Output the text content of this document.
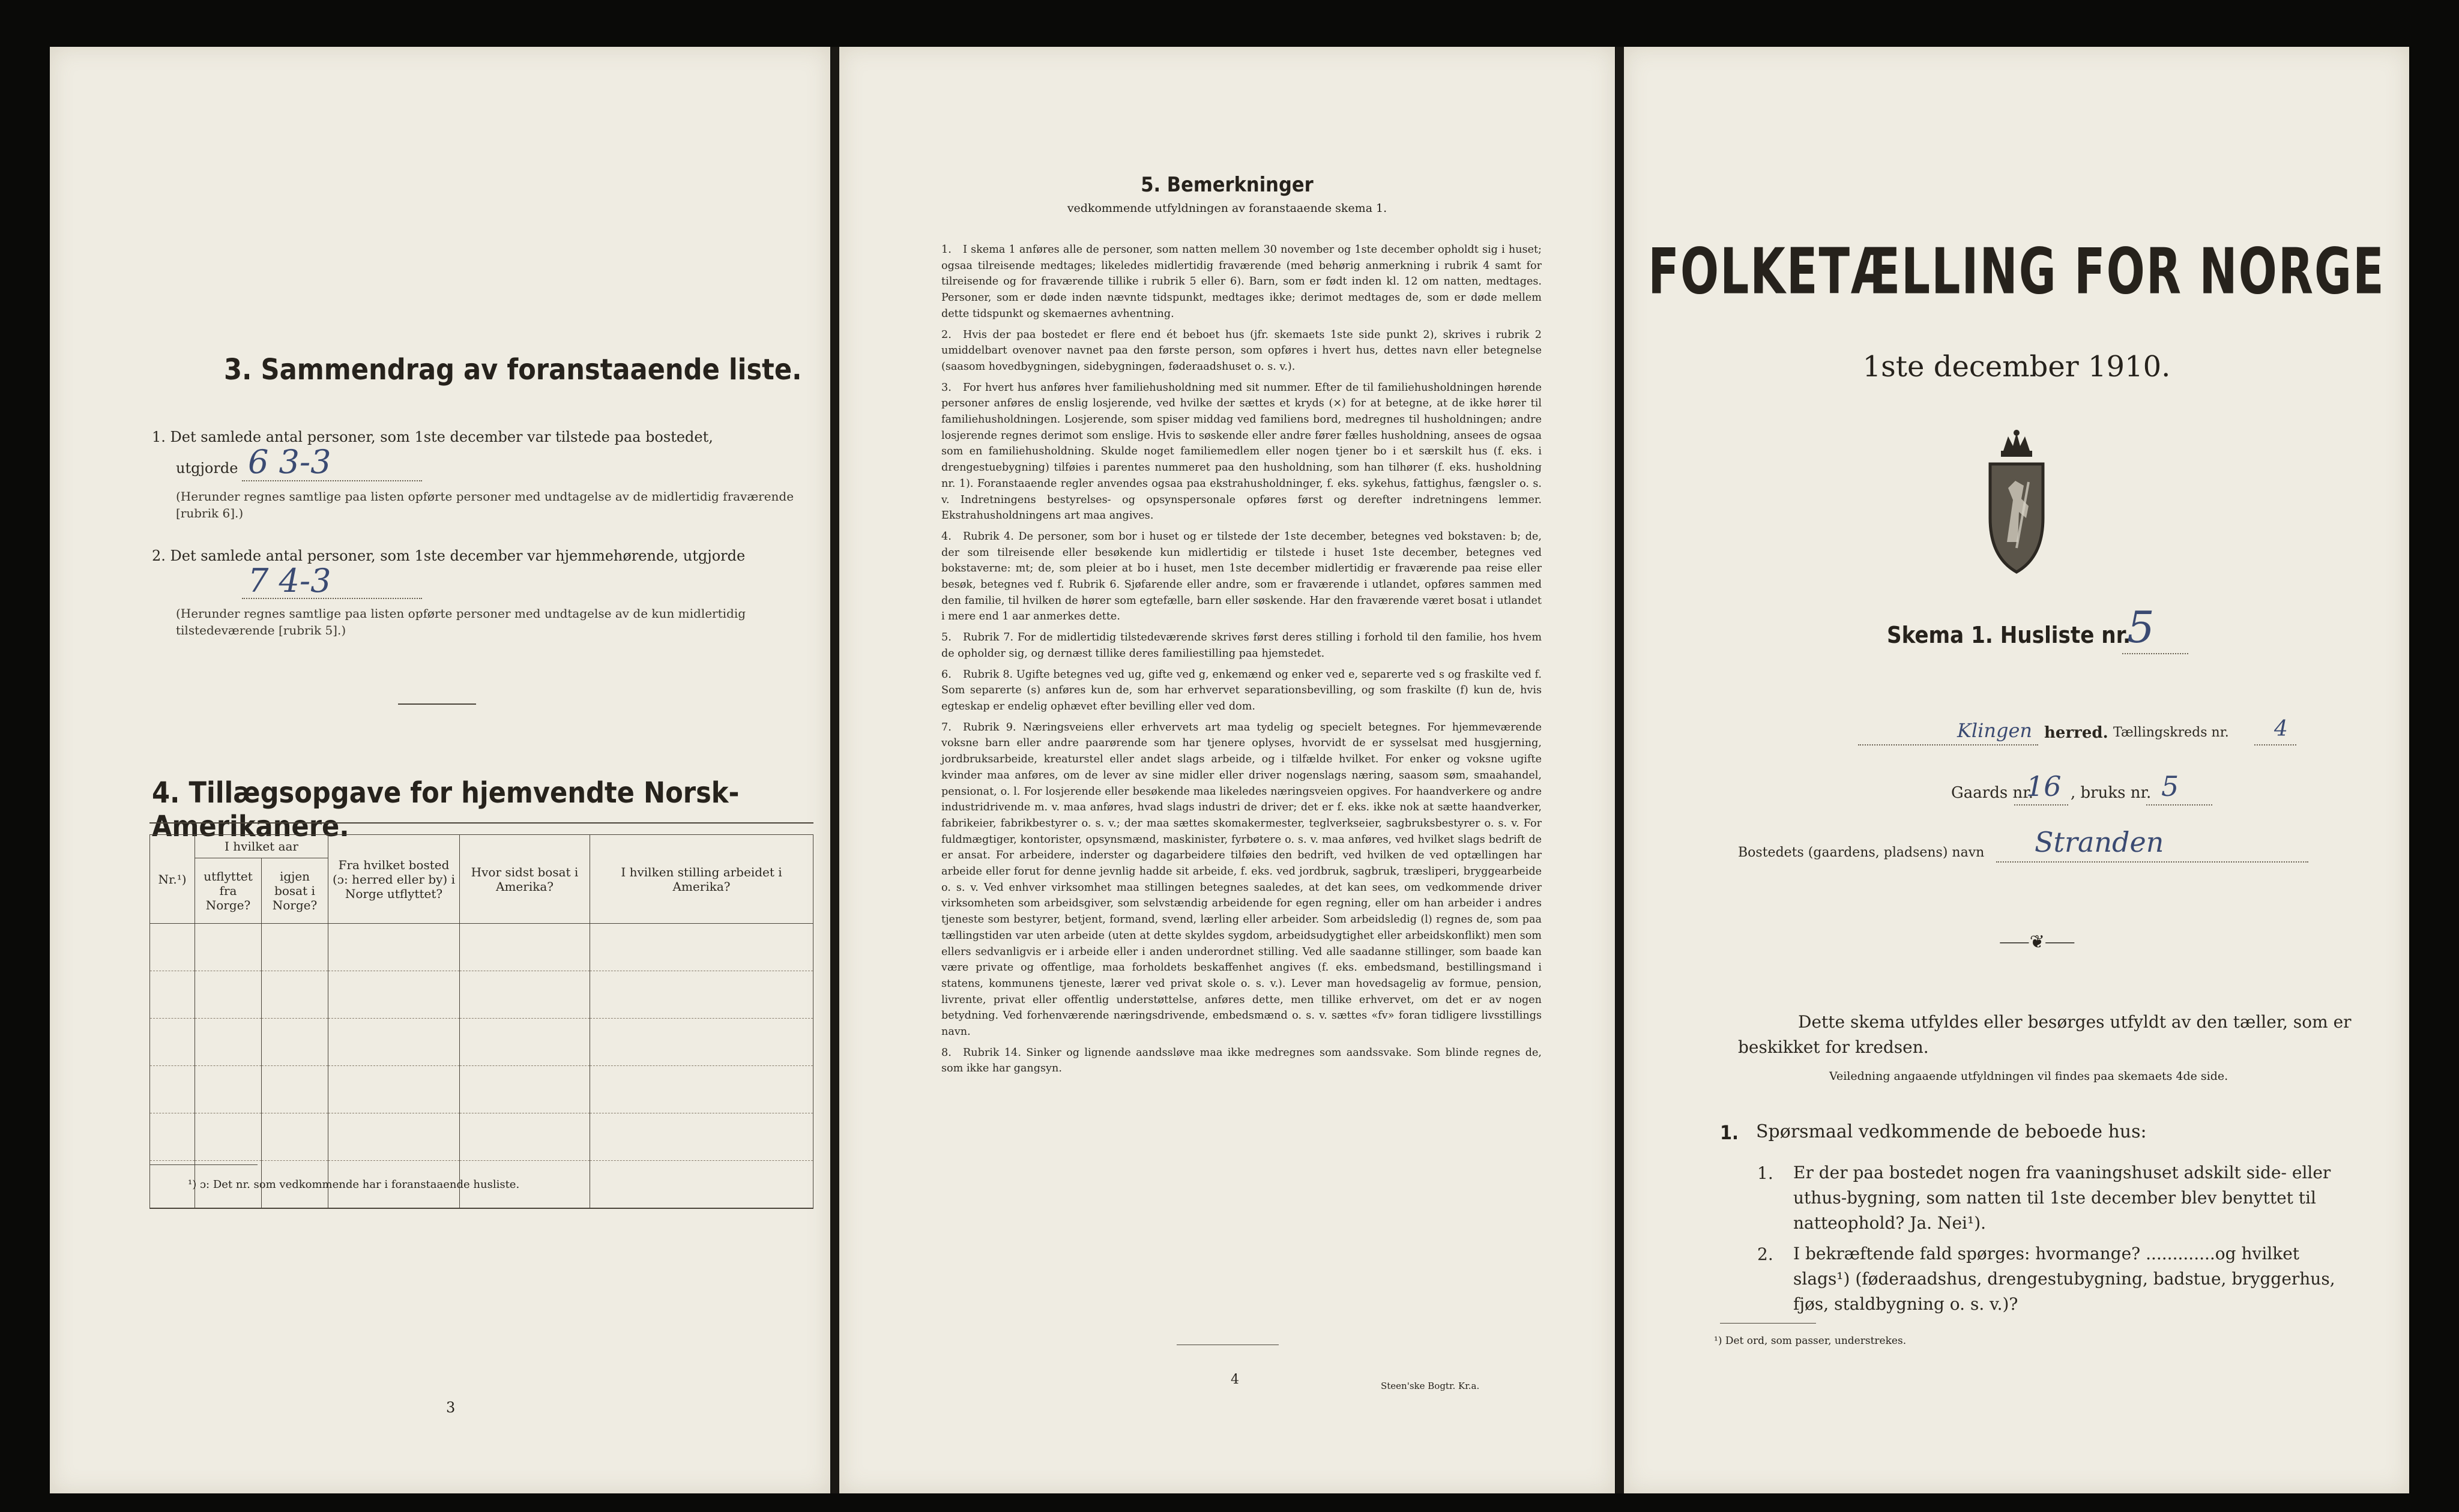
3. Sammendrag av foranstaaende liste.
1. Det samlede antal personer, som 1ste december var tilstede paa bostedet,
utgjorde 6 3-3
(Herunder regnes samtlige paa listen opførte personer med undtagelse av de midlertidig fraværende [rubrik 6].)
2. Det samlede antal personer, som 1ste december var hjemmehørende, utgjorde
7 4-3
(Herunder regnes samtlige paa listen opførte personer med undtagelse av de kun midlertidig tilstedeværende [rubrik 5].)
4. Tillægsopgave for hjemvendte Norsk-Amerikanere.
Nr.¹)	I hvilket aar		Fra hvilket bosted (ɔ: herred eller by) i Norge utflyttet?	Hvor sidst bosat i Amerika?	I hvilken stilling arbeidet i Amerika?
	utflyttet fra Norge?	igjen bosat i Norge?			

¹) ɔ: Det nr. som vedkommende har i foranstaaende husliste.
3
5. Bemerkninger
vedkommende utfyldningen av foranstaaende skema 1.

1. I skema 1 anføres alle de personer, som natten mellem 30 november og 1ste december opholdt sig i huset; ogsaa tilreisende medtages; likeledes midlertidig fraværende (med behørig anmerkning i rubrik 4 samt for tilreisende og for fraværende tillike i rubrik 5 eller 6). Barn, som er født inden kl. 12 om natten, medtages. Personer, som er døde inden nævnte tidspunkt, medtages ikke; derimot medtages de, som er døde mellem dette tidspunkt og skemaernes avhentning.

2. Hvis der paa bostedet er flere end ét beboet hus (jfr. skemaets 1ste side punkt 2), skrives i rubrik 2 umiddelbart ovenover navnet paa den første person, som opføres i hvert hus, dettes navn eller betegnelse (saasom hovedbygningen, sidebygningen, føderaadshuset o. s. v.).

3. For hvert hus anføres hver familiehusholdning med sit nummer. Efter de til familiehusholdningen hørende personer anføres de enslig losjerende, ved hvilke der sættes et kryds (×) for at betegne, at de ikke hører til familiehusholdningen. Losjerende, som spiser middag ved familiens bord, medregnes til husholdningen; andre losjerende regnes derimot som enslige. Hvis to søskende eller andre fører fælles husholdning, ansees de ogsaa som en familiehusholdning. Skulde noget familiemedlem eller nogen tjener bo i et særskilt hus (f. eks. i drengestuebygning) tilføies i parentes nummeret paa den husholdning, som han tilhører (f. eks. husholdning nr. 1). Foranstaaende regler anvendes ogsaa paa ekstrahusholdninger, f. eks. sykehus, fattighus, fængsler o. s. v. Indretningens bestyrelses- og opsynspersonale opføres først og derefter indretningens lemmer. Ekstrahusholdningens art maa angives.

4. Rubrik 4. De personer, som bor i huset og er tilstede der 1ste december, betegnes ved bokstaven: b; de, der som tilreisende eller besøkende kun midlertidig er tilstede i huset 1ste december, betegnes ved bokstaverne: mt; de, som pleier at bo i huset, men 1ste december midlertidig er fraværende paa reise eller besøk, betegnes ved f. Rubrik 6. Sjøfarende eller andre, som er fraværende i utlandet, opføres sammen med den familie, til hvilken de hører som egtefælle, barn eller søskende. Har den fraværende været bosat i utlandet i mere end 1 aar anmerkes dette.

5. Rubrik 7. For de midlertidig tilstedeværende skrives først deres stilling i forhold til den familie, hos hvem de opholder sig, og dernæst tillike deres familiestilling paa hjemstedet.

6. Rubrik 8. Ugifte betegnes ved ug, gifte ved g, enkemænd og enker ved e, separerte ved s og fraskilte ved f. Som separerte (s) anføres kun de, som har erhvervet separationsbevilling, og som fraskilte (f) kun de, hvis egteskap er endelig ophævet efter bevilling eller ved dom.

7. Rubrik 9. Næringsveiens eller erhvervets art maa tydelig og specielt betegnes. For hjemmeværende voksne barn eller andre paarørende som har tjenere oplyses, hvorvidt de er sysselsat med husgjerning, jordbruksarbeide, kreaturstel eller andet slags arbeide, og i tilfælde hvilket. For enker og voksne ugifte kvinder maa anføres, om de lever av sine midler eller driver nogenslags næring, saasom søm, smaahandel, pensionat, o. l. For losjerende eller besøkende maa likeledes næringsveien opgives. For haandverkere og andre industridrivende m. v. maa anføres, hvad slags industri de driver; det er f. eks. ikke nok at sætte haandverker, fabrikeier, fabrikbestyrer o. s. v.; der maa sættes skomakermester, teglverkseier, sagbruksbestyrer o. s. v. For fuldmægtiger, kontorister, opsynsmænd, maskinister, fyrbøtere o. s. v. maa anføres, ved hvilket slags bedrift de er ansat. For arbeidere, inderster og dagarbeidere tilføies den bedrift, ved hvilken de ved optællingen har arbeide eller forut for denne jevnlig hadde sit arbeide, f. eks. ved jordbruk, sagbruk, træsliperi, bryggearbeide o. s. v. Ved enhver virksomhet maa stillingen betegnes saaledes, at det kan sees, om vedkommende driver virksomheten som arbeidsgiver, som selvstændig arbeidende for egen regning, eller om han arbeider i andres tjeneste som bestyrer, betjent, formand, svend, lærling eller arbeider. Som arbeidsledig (l) regnes de, som paa tællingstiden var uten arbeide (uten at dette skyldes sygdom, arbeidsudygtighet eller arbeidskonflikt) men som ellers sedvanligvis er i arbeide eller i anden underordnet stilling. Ved alle saadanne stillinger, som baade kan være private og offentlige, maa forholdets beskaffenhet angives (f. eks. embedsmand, bestillingsmand i statens, kommunens tjeneste, lærer ved privat skole o. s. v.). Lever man hovedsagelig av formue, pension, livrente, privat eller offentlig understøttelse, anføres dette, men tillike erhvervet, om det er av nogen betydning. Ved forhenværende næringsdrivende, embedsmænd o. s. v. sættes «fv» foran tidligere livsstillings navn.

8. Rubrik 14. Sinker og lignende aandssløve maa ikke medregnes som aandssvake. Som blinde regnes de, som ikke har gangsyn.

4	Steen'ske Bogtr. Kr.a.
FOLKETÆLLING FOR NORGE
1ste december 1910.
Skema 1. Husliste nr.
5
Klingen herred. Tællingskreds nr. 4
Gaards nr.
16 , bruks nr. 5
Bostedets (gaardens, pladsens) navn Stranden
⸺❦⸺
Dette skema utfyldes eller besørges utfyldt av den tæller, som er beskikket for kredsen.
Veiledning angaaende utfyldningen vil findes paa skemaets 4de side.
1. Spørsmaal vedkommende de beboede hus:
1. Er der paa bostedet nogen fra vaaningshuset adskilt side- eller uthus-bygning, som natten til 1ste december blev benyttet til natteophold? Ja. Nei¹).
2. I bekræftende fald spørges: hvormange? .............og hvilket slags¹) (føderaadshus, drengestubygning, badstue, bryggerhus, fjøs, staldbygning o. s. v.)?
¹) Det ord, som passer, understrekes.
